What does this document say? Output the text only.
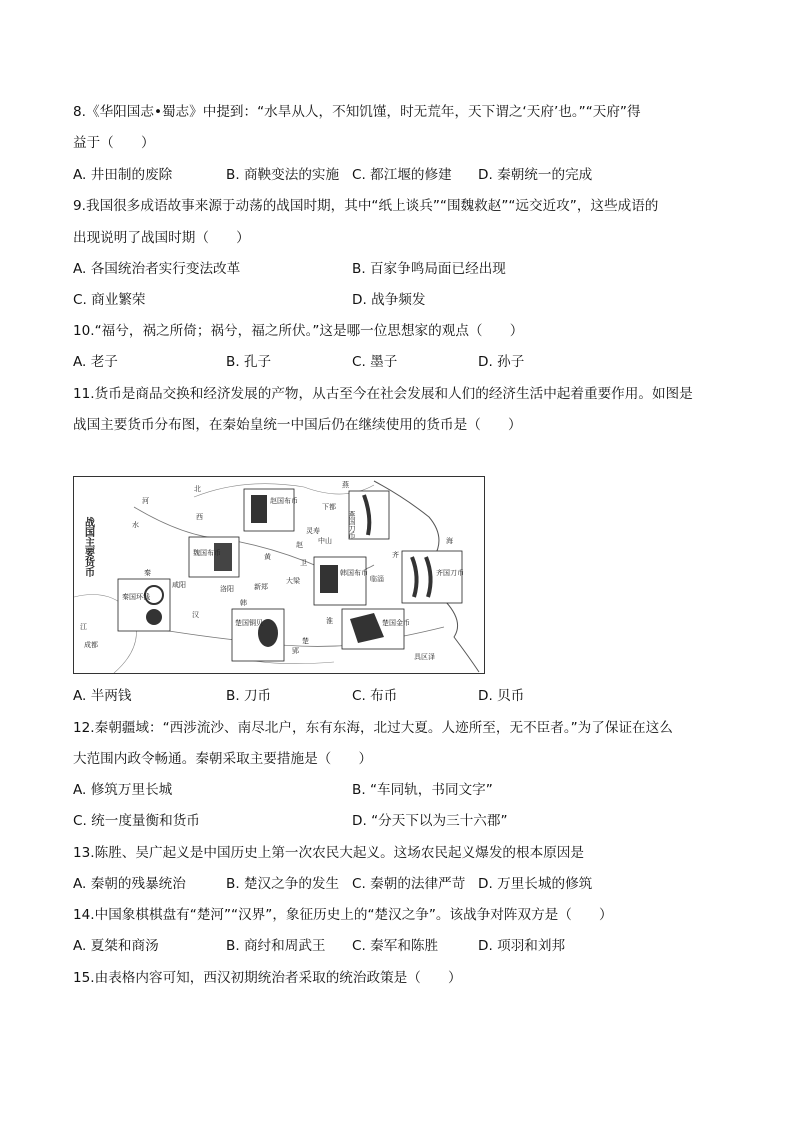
8.《华阳国志•蜀志》中提到：“水旱从人，不知饥馑，时无荒年，天下谓之‘天府’也。”“天府”得
益于（　　）
A. 井田制的废除	B. 商鞅变法的实施 C. 都江堰的修建 D. 秦朝统一的完成
9.我国很多成语故事来源于动荡的战国时期，其中“纸上谈兵”“围魏救赵”“远交近攻”，这些成语的
出现说明了战国时期（　　）
A. 各国统治者实行变法改革	B. 百家争鸣局面已经出现
C. 商业繁荣	D. 战争频发
10.“福兮，祸之所倚；祸兮，福之所伏。”这是哪一位思想家的观点（　　）
A. 老子	B. 孔子	C. 墨子	D. 孙子
11.货币是商品交换和经济发展的产物，从古至今在社会发展和人们的经济生活中起着重要作用。如图是
战国主要货币分布图，在秦始皇统一中国后仍在继续使用的货币是（　　）
战国主要货币
赵国布币
燕国刀币
魏国布币
韩国布币	齐国刀币
秦国环钱
楚国铜贝	楚国金币
北
河
西
水
燕
下都
灵寿
赵 中山
齐
临淄
大梁
新郑
洛阳
咸阳
秦
汉
韩
楚
淮
郢
江
成都
具区泽
海
黄
卫
A. 半两钱	B. 刀币	C. 布币	D. 贝币
12.秦朝疆域：“西涉流沙、南尽北户，东有东海，北过大夏。人迹所至，无不臣者。”为了保证在这么
大范围内政令畅通。秦朝采取主要措施是（　　）
A. 修筑万里长城	B. “车同轨，书同文字”
C. 统一度量衡和货币	D. “分天下以为三十六郡”
13.陈胜、吴广起义是中国历史上第一次农民大起义。这场农民起义爆发的根本原因是
A. 秦朝的残暴统治	B. 楚汉之争的发生 C. 秦朝的法律严苛 D. 万里长城的修筑
14.中国象棋棋盘有“楚河”“汉界”，象征历史上的“楚汉之争”。该战争对阵双方是（　　）
A. 夏桀和商汤	B. 商纣和周武王 C. 秦军和陈胜	D. 项羽和刘邦
15.由表格内容可知，西汉初期统治者采取的统治政策是（　　）
